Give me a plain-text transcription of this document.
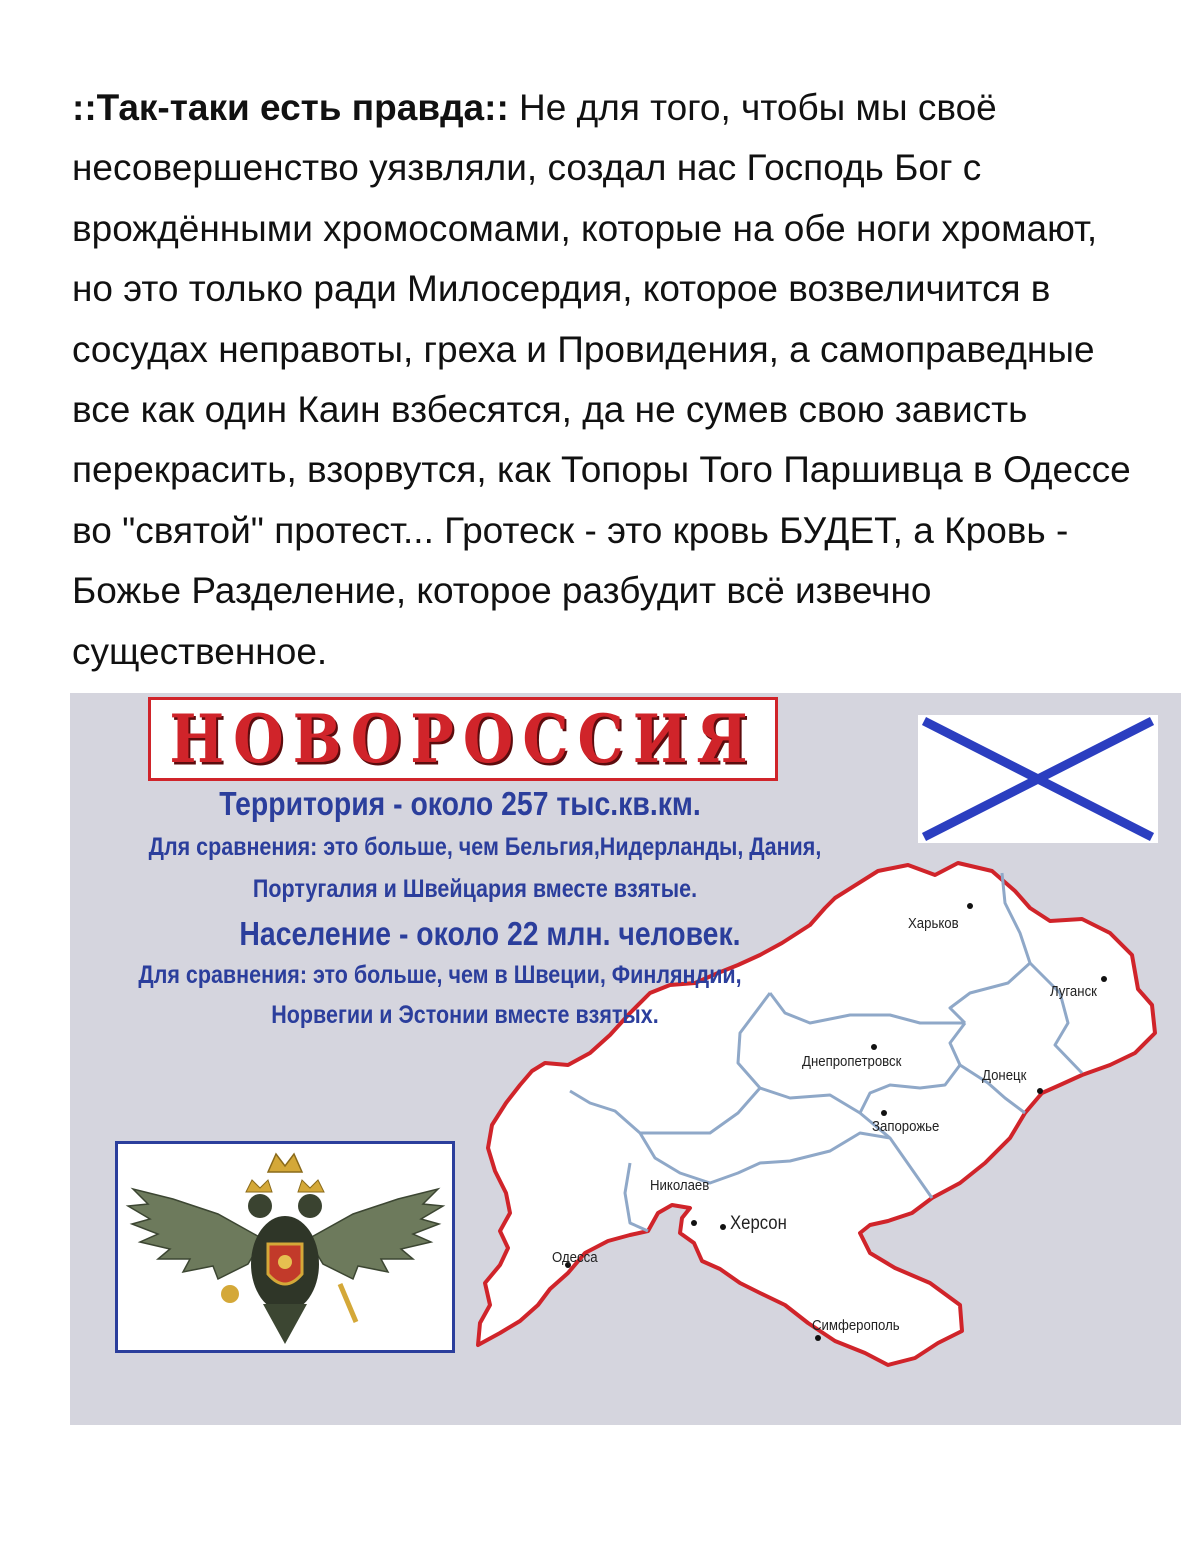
::Так-таки есть правда:: Не для того, чтобы мы своё несовершенство уязвляли, создал нас Господь Бог с врождёнными хромосомами, которые на обе ноги хромают, но это только ради Милосердия, которое возвеличится в сосудах неправоты, греха и Провидения, а самоправедные все как один Каин взбесятся, да не сумев свою зависть перекрасить, взорвутся, как Топоры Того Паршивца в Одессе во "святой" протест... Гротеск - это кровь БУДЕТ, а Кровь - Божье Разделение, которое разбудит всё извечно существенное.

НОВОРОССИЯ
Территория - около 257 тыс.кв.км.
Для сравнения: это больше, чем Бельгия,Нидерланды, Дания,
Португалия и Швейцария вместе взятые.
Население - около 22 млн. человек.
Для сравнения: это больше, чем в Швеции, Финляндии,
Норвегии и Эстонии вместе взятых.
Харьков
Луганск
Днепропетровск
Донецк
Запорожье
Николаев
Херсон
Одесса
Симферополь
